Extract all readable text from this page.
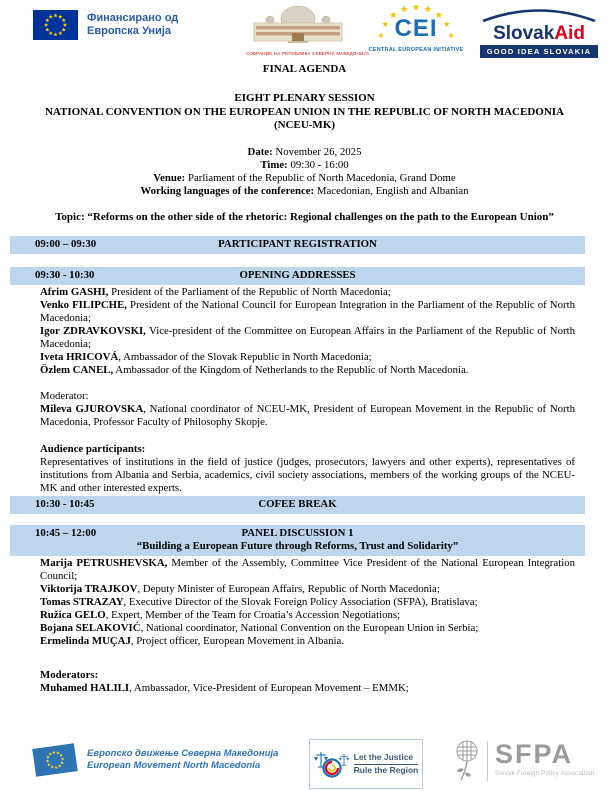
Финансирано од
Европска Унија
СОБРАНИЕ НА РЕПУБЛИКА СЕВЕРНА МАКЕДОНИЈА
CEI
CENTRAL EUROPEAN INITIATIVE
SlovakAid
GOOD IDEA SLOVAKIA
FINAL AGENDA
EIGHT PLENARY SESSION
NATIONAL CONVENTION ON THE EUROPEAN UNION IN THE REPUBLIC OF NORTH MACEDONIA (NCEU-MK)
Date: November 26, 2025
Time: 09:30 - 16:00
Venue: Parliament of the Republic of North Macedonia, Grand Dome
Working languages of the conference: Macedonian, English and Albanian
Topic: “Reforms on the other side of the rhetoric: Regional challenges on the path to the European Union”
09:00 – 09:30	PARTICIPANT REGISTRATION
09:30 - 10:30	OPENING ADDRESSES
Afrim GASHI, President of the Parliament of the Republic of North Macedonia;
Venko FILIPCHE, President of the National Council for European Integration in the Parliament of the Republic of North Macedonia;
Igor ZDRAVKOVSKI, Vice-president of the Committee on European Affairs in the Parliament of the Republic of North Macedonia;
Iveta HRICOVÁ, Ambassador of the Slovak Republic in North Macedonia;
Özlem CANEL, Ambassador of the Kingdom of Netherlands to the Republic of North Macedonia.
Moderator:
Mileva GJUROVSKA, National coordinator of NCEU-MK, President of European Movement in the Republic of North Macedonia, Professor Faculty of Philosophy Skopje.
Audience participants:
Representatives of institutions in the field of justice (judges, prosecutors, lawyers and other experts), representatives of institutions from Albania and Serbia, academics, civil society associations, members of the working groups of the NCEU-MK and other interested experts.
10:30 - 10:45	COFEE BREAK
10:45 – 12:00	PANEL DISCUSSION 1
“Building a European Future through Reforms, Trust and Solidarity”
Marija PETRUSHEVSKA, Member of the Assembly, Committee Vice President of the National European Integration Council;
Viktorija TRAJKOV, Deputy Minister of European Affairs, Republic of North Macedonia;
Tomas STRAZAY, Executive Director of the Slovak Foreign Policy Association (SFPA), Bratislava;
Ružica GELO, Expert, Member of the Team for Croatia’s Accession Negotiations;
Bojana SELAKOVIĆ, National coordinator, National Convention on the European Union in Serbia;
Ermelinda MUÇAJ, Project officer, European Movement in Albania.
Moderators:
Muhamed HALILI, Ambassador, Vice-President of European Movement – EMMK;
Европско движење Северна Македонија
European Movement North Macedonia
Let the Justice
Rule the Region
SFPA
Slovak Foreign Policy Association
